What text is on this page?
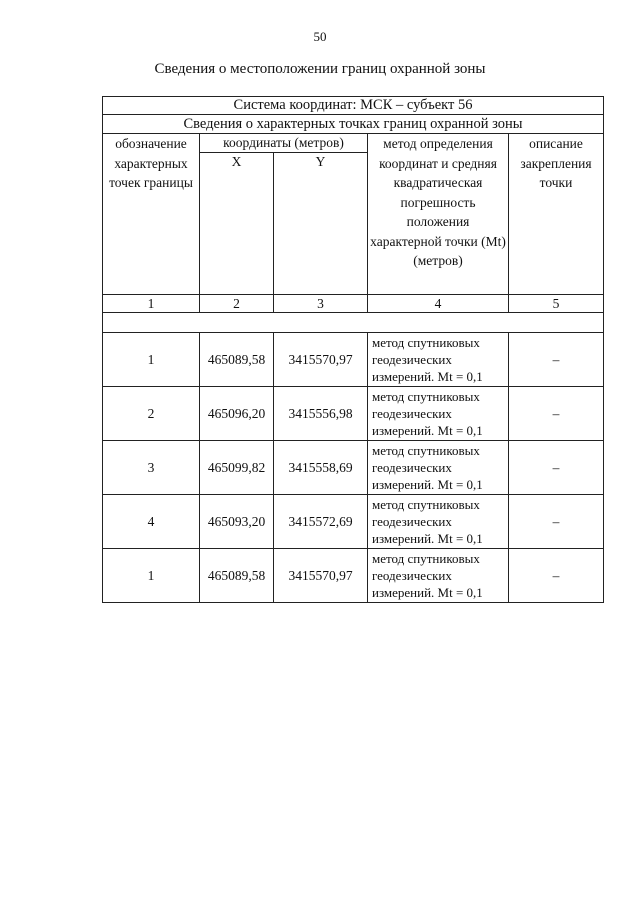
50
Сведения о местоположении границ охранной зоны
Система координат: МСК – субъект 56				
Сведения о характерных точках границ охранной зоны				
обозначение характерных точек границы	координаты (метров)		метод определения координат и средняя квадратическая погрешность положения характерной точки (Mt) (метров)	описание закрепления точки
	X	Y		
1	2	3	4	5

1	465089,58	3415570,97	метод спутниковых геодезических измерений. Mt = 0,1	–
2	465096,20	3415556,98	метод спутниковых геодезических измерений. Mt = 0,1	–
3	465099,82	3415558,69	метод спутниковых геодезических измерений. Mt = 0,1	–
4	465093,20	3415572,69	метод спутниковых геодезических измерений. Mt = 0,1	–
1	465089,58	3415570,97	метод спутниковых геодезических измерений. Mt = 0,1	–
